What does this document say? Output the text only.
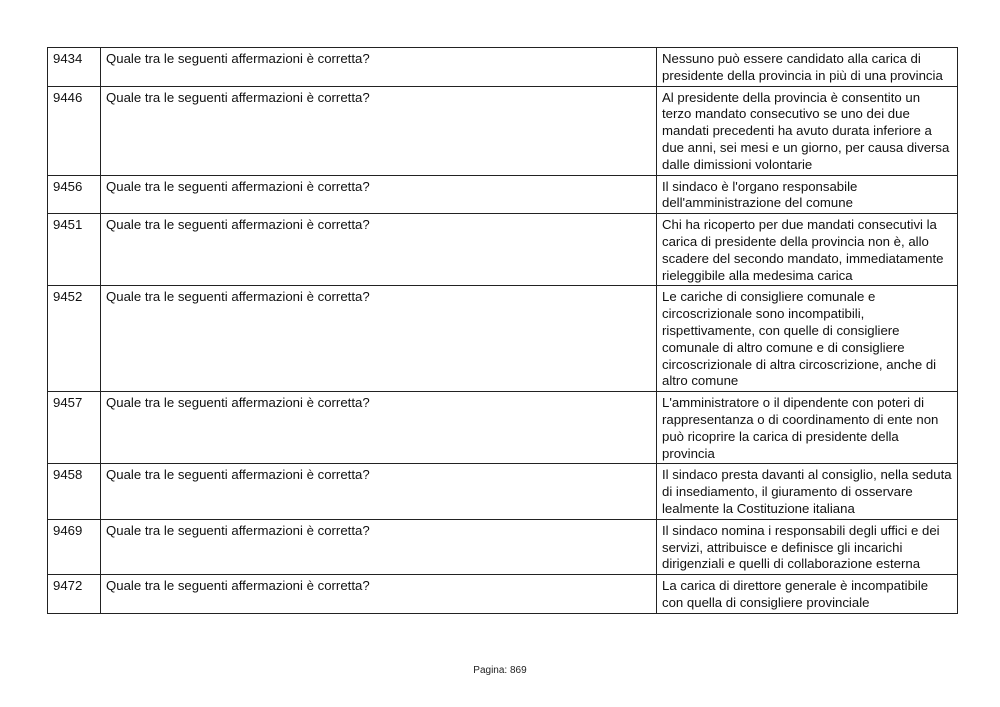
9434	Quale tra le seguenti affermazioni è corretta?	Nessuno può essere candidato alla carica di presidente della provincia in più di una provincia
9446	Quale tra le seguenti affermazioni è corretta?	Al presidente della provincia è consentito un terzo mandato consecutivo se uno dei due mandati precedenti ha avuto durata inferiore a due anni, sei mesi e un giorno, per causa diversa dalle dimissioni volontarie
9456	Quale tra le seguenti affermazioni è corretta?	Il sindaco è l'organo responsabile dell'amministrazione del comune
9451	Quale tra le seguenti affermazioni è corretta?	Chi ha ricoperto per due mandati consecutivi la carica di presidente della provincia non è, allo scadere del secondo mandato, immediatamente rieleggibile alla medesima carica
9452	Quale tra le seguenti affermazioni è corretta?	Le cariche di consigliere comunale e circoscrizionale sono incompatibili, rispettivamente, con quelle di consigliere comunale di altro comune e di consigliere circoscrizionale di altra circoscrizione, anche di altro comune
9457	Quale tra le seguenti affermazioni è corretta?	L'amministratore o il dipendente con poteri di rappresentanza o di coordinamento di ente non può ricoprire la carica di presidente della provincia
9458	Quale tra le seguenti affermazioni è corretta?	Il sindaco presta davanti al consiglio, nella seduta di insediamento, il giuramento di osservare lealmente la Costituzione italiana
9469	Quale tra le seguenti affermazioni è corretta?	Il sindaco nomina i responsabili degli uffici e dei servizi, attribuisce e definisce gli incarichi dirigenziali e quelli di collaborazione esterna
9472	Quale tra le seguenti affermazioni è corretta?	La carica di direttore generale è incompatibile con quella di consigliere provinciale
Pagina: 869
